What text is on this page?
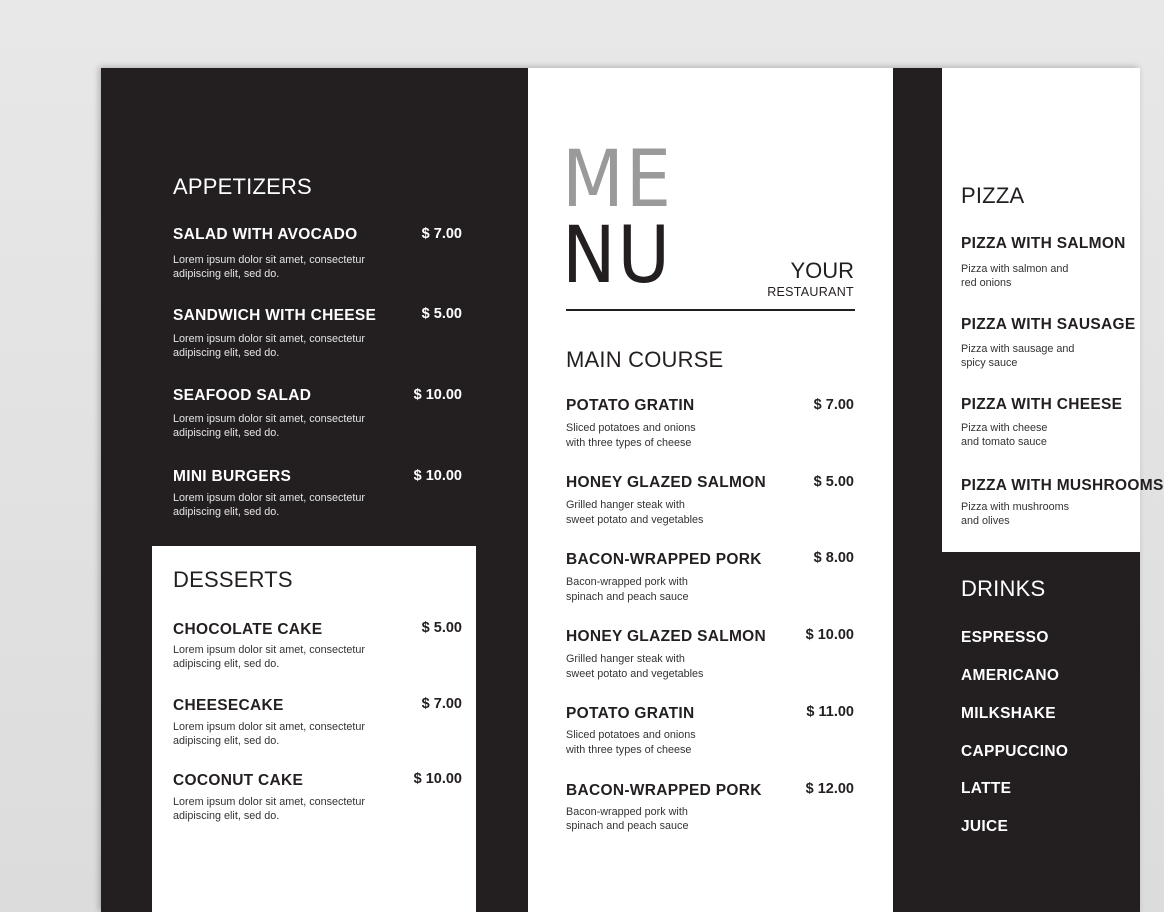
APPETIZERS
SALAD WITH AVOCADO	$ 7.00
Lorem ipsum dolor sit amet, consectetur
adipiscing elit, sed do.
SANDWICH WITH CHEESE	$ 5.00
Lorem ipsum dolor sit amet, consectetur
adipiscing elit, sed do.
SEAFOOD SALAD	$ 10.00
Lorem ipsum dolor sit amet, consectetur
adipiscing elit, sed do.
MINI BURGERS	$ 10.00
Lorem ipsum dolor sit amet, consectetur
adipiscing elit, sed do.
DESSERTS
CHOCOLATE CAKE	$ 5.00
Lorem ipsum dolor sit amet, consectetur
adipiscing elit, sed do.
CHEESECAKE	$ 7.00
Lorem ipsum dolor sit amet, consectetur
adipiscing elit, sed do.
COCONUT CAKE	$ 10.00
Lorem ipsum dolor sit amet, consectetur
adipiscing elit, sed do.
ME
NU	YOUR
RESTAURANT
MAIN COURSE
POTATO GRATIN	$ 7.00
Sliced potatoes and onions
with three types of cheese
HONEY GLAZED SALMON	$ 5.00
Grilled hanger steak with
sweet potato and vegetables
BACON-WRAPPED PORK	$ 8.00
Bacon-wrapped pork with
spinach and peach sauce
HONEY GLAZED SALMON	$ 10.00
Grilled hanger steak with
sweet potato and vegetables
POTATO GRATIN	$ 11.00
Sliced potatoes and onions
with three types of cheese
BACON-WRAPPED PORK	$ 12.00
Bacon-wrapped pork with
spinach and peach sauce
PIZZA
PIZZA WITH SALMON
Pizza with salmon and
red onions
PIZZA WITH SAUSAGE
Pizza with sausage and
spicy sauce
PIZZA WITH CHEESE
Pizza with cheese
and tomato sauce
PIZZA WITH MUSHROOMS
Pizza with mushrooms
and olives
DRINKS
ESPRESSO
AMERICANO
MILKSHAKE
CAPPUCCINO
LATTE
JUICE
